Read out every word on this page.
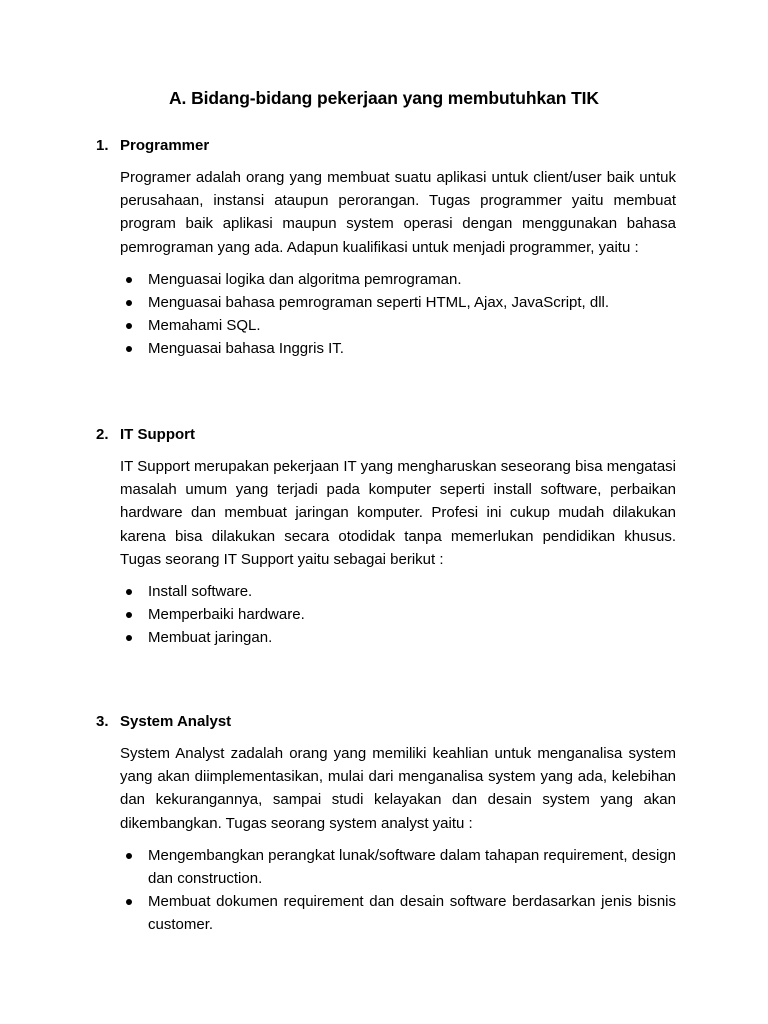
A. Bidang-bidang pekerjaan yang membutuhkan TIK
1. Programmer
Programer adalah orang yang membuat suatu aplikasi untuk client/user baik untuk perusahaan, instansi ataupun perorangan. Tugas programmer yaitu membuat program baik aplikasi maupun system operasi dengan menggunakan bahasa pemrograman yang ada. Adapun kualifikasi untuk menjadi programmer, yaitu :
Menguasai logika dan algoritma pemrograman.
Menguasai bahasa pemrograman seperti HTML, Ajax, JavaScript, dll.
Memahami SQL.
Menguasai bahasa Inggris IT.
2. IT Support
IT Support merupakan pekerjaan IT yang mengharuskan seseorang bisa mengatasi masalah umum yang terjadi pada komputer seperti install software, perbaikan hardware dan membuat jaringan komputer. Profesi ini cukup mudah dilakukan karena bisa dilakukan secara otodidak tanpa memerlukan pendidikan khusus. Tugas seorang IT Support yaitu sebagai berikut :
Install software.
Memperbaiki hardware.
Membuat jaringan.
3. System Analyst
System Analyst zadalah orang yang memiliki keahlian untuk menganalisa system yang akan diimplementasikan, mulai dari menganalisa system yang ada, kelebihan dan kekurangannya, sampai studi kelayakan dan desain system yang akan dikembangkan. Tugas seorang system analyst yaitu :
Mengembangkan perangkat lunak/software dalam tahapan requirement, design dan construction.
Membuat dokumen requirement dan desain software berdasarkan jenis bisnis customer.
